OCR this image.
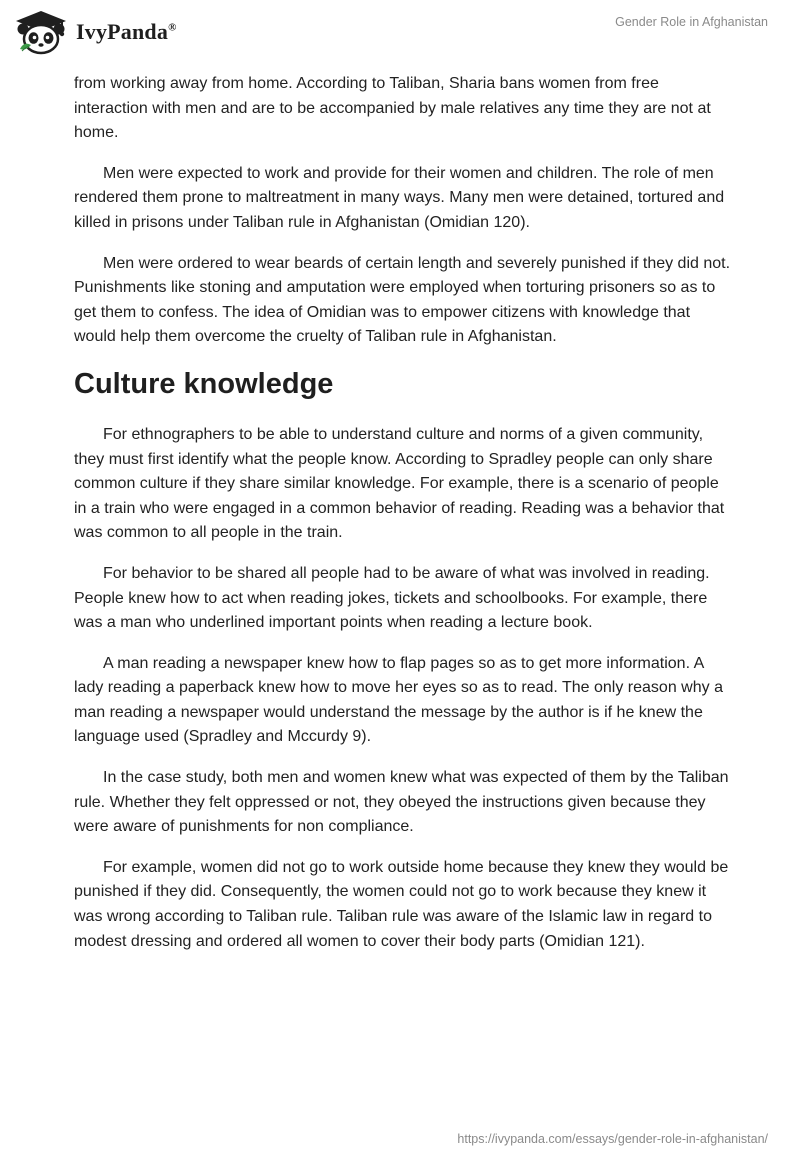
IvyPanda®	Gender Role in Afghanistan

from working away from home. According to Taliban, Sharia bans women from free interaction with men and are to be accompanied by male relatives any time they are not at home.

Men were expected to work and provide for their women and children. The role of men rendered them prone to maltreatment in many ways. Many men were detained, tortured and killed in prisons under Taliban rule in Afghanistan (Omidian 120).

Men were ordered to wear beards of certain length and severely punished if they did not. Punishments like stoning and amputation were employed when torturing prisoners so as to get them to confess. The idea of Omidian was to empower citizens with knowledge that would help them overcome the cruelty of Taliban rule in Afghanistan.

Culture knowledge

For ethnographers to be able to understand culture and norms of a given community, they must first identify what the people know. According to Spradley people can only share common culture if they share similar knowledge. For example, there is a scenario of people in a train who were engaged in a common behavior of reading. Reading was a behavior that was common to all people in the train.

For behavior to be shared all people had to be aware of what was involved in reading. People knew how to act when reading jokes, tickets and schoolbooks. For example, there was a man who underlined important points when reading a lecture book.

A man reading a newspaper knew how to flap pages so as to get more information. A lady reading a paperback knew how to move her eyes so as to read. The only reason why a man reading a newspaper would understand the message by the author is if he knew the language used (Spradley and Mccurdy 9).

In the case study, both men and women knew what was expected of them by the Taliban rule. Whether they felt oppressed or not, they obeyed the instructions given because they were aware of punishments for non compliance.

For example, women did not go to work outside home because they knew they would be punished if they did. Consequently, the women could not go to work because they knew it was wrong according to Taliban rule. Taliban rule was aware of the Islamic law in regard to modest dressing and ordered all women to cover their body parts (Omidian 121).

https://ivypanda.com/essays/gender-role-in-afghanistan/
